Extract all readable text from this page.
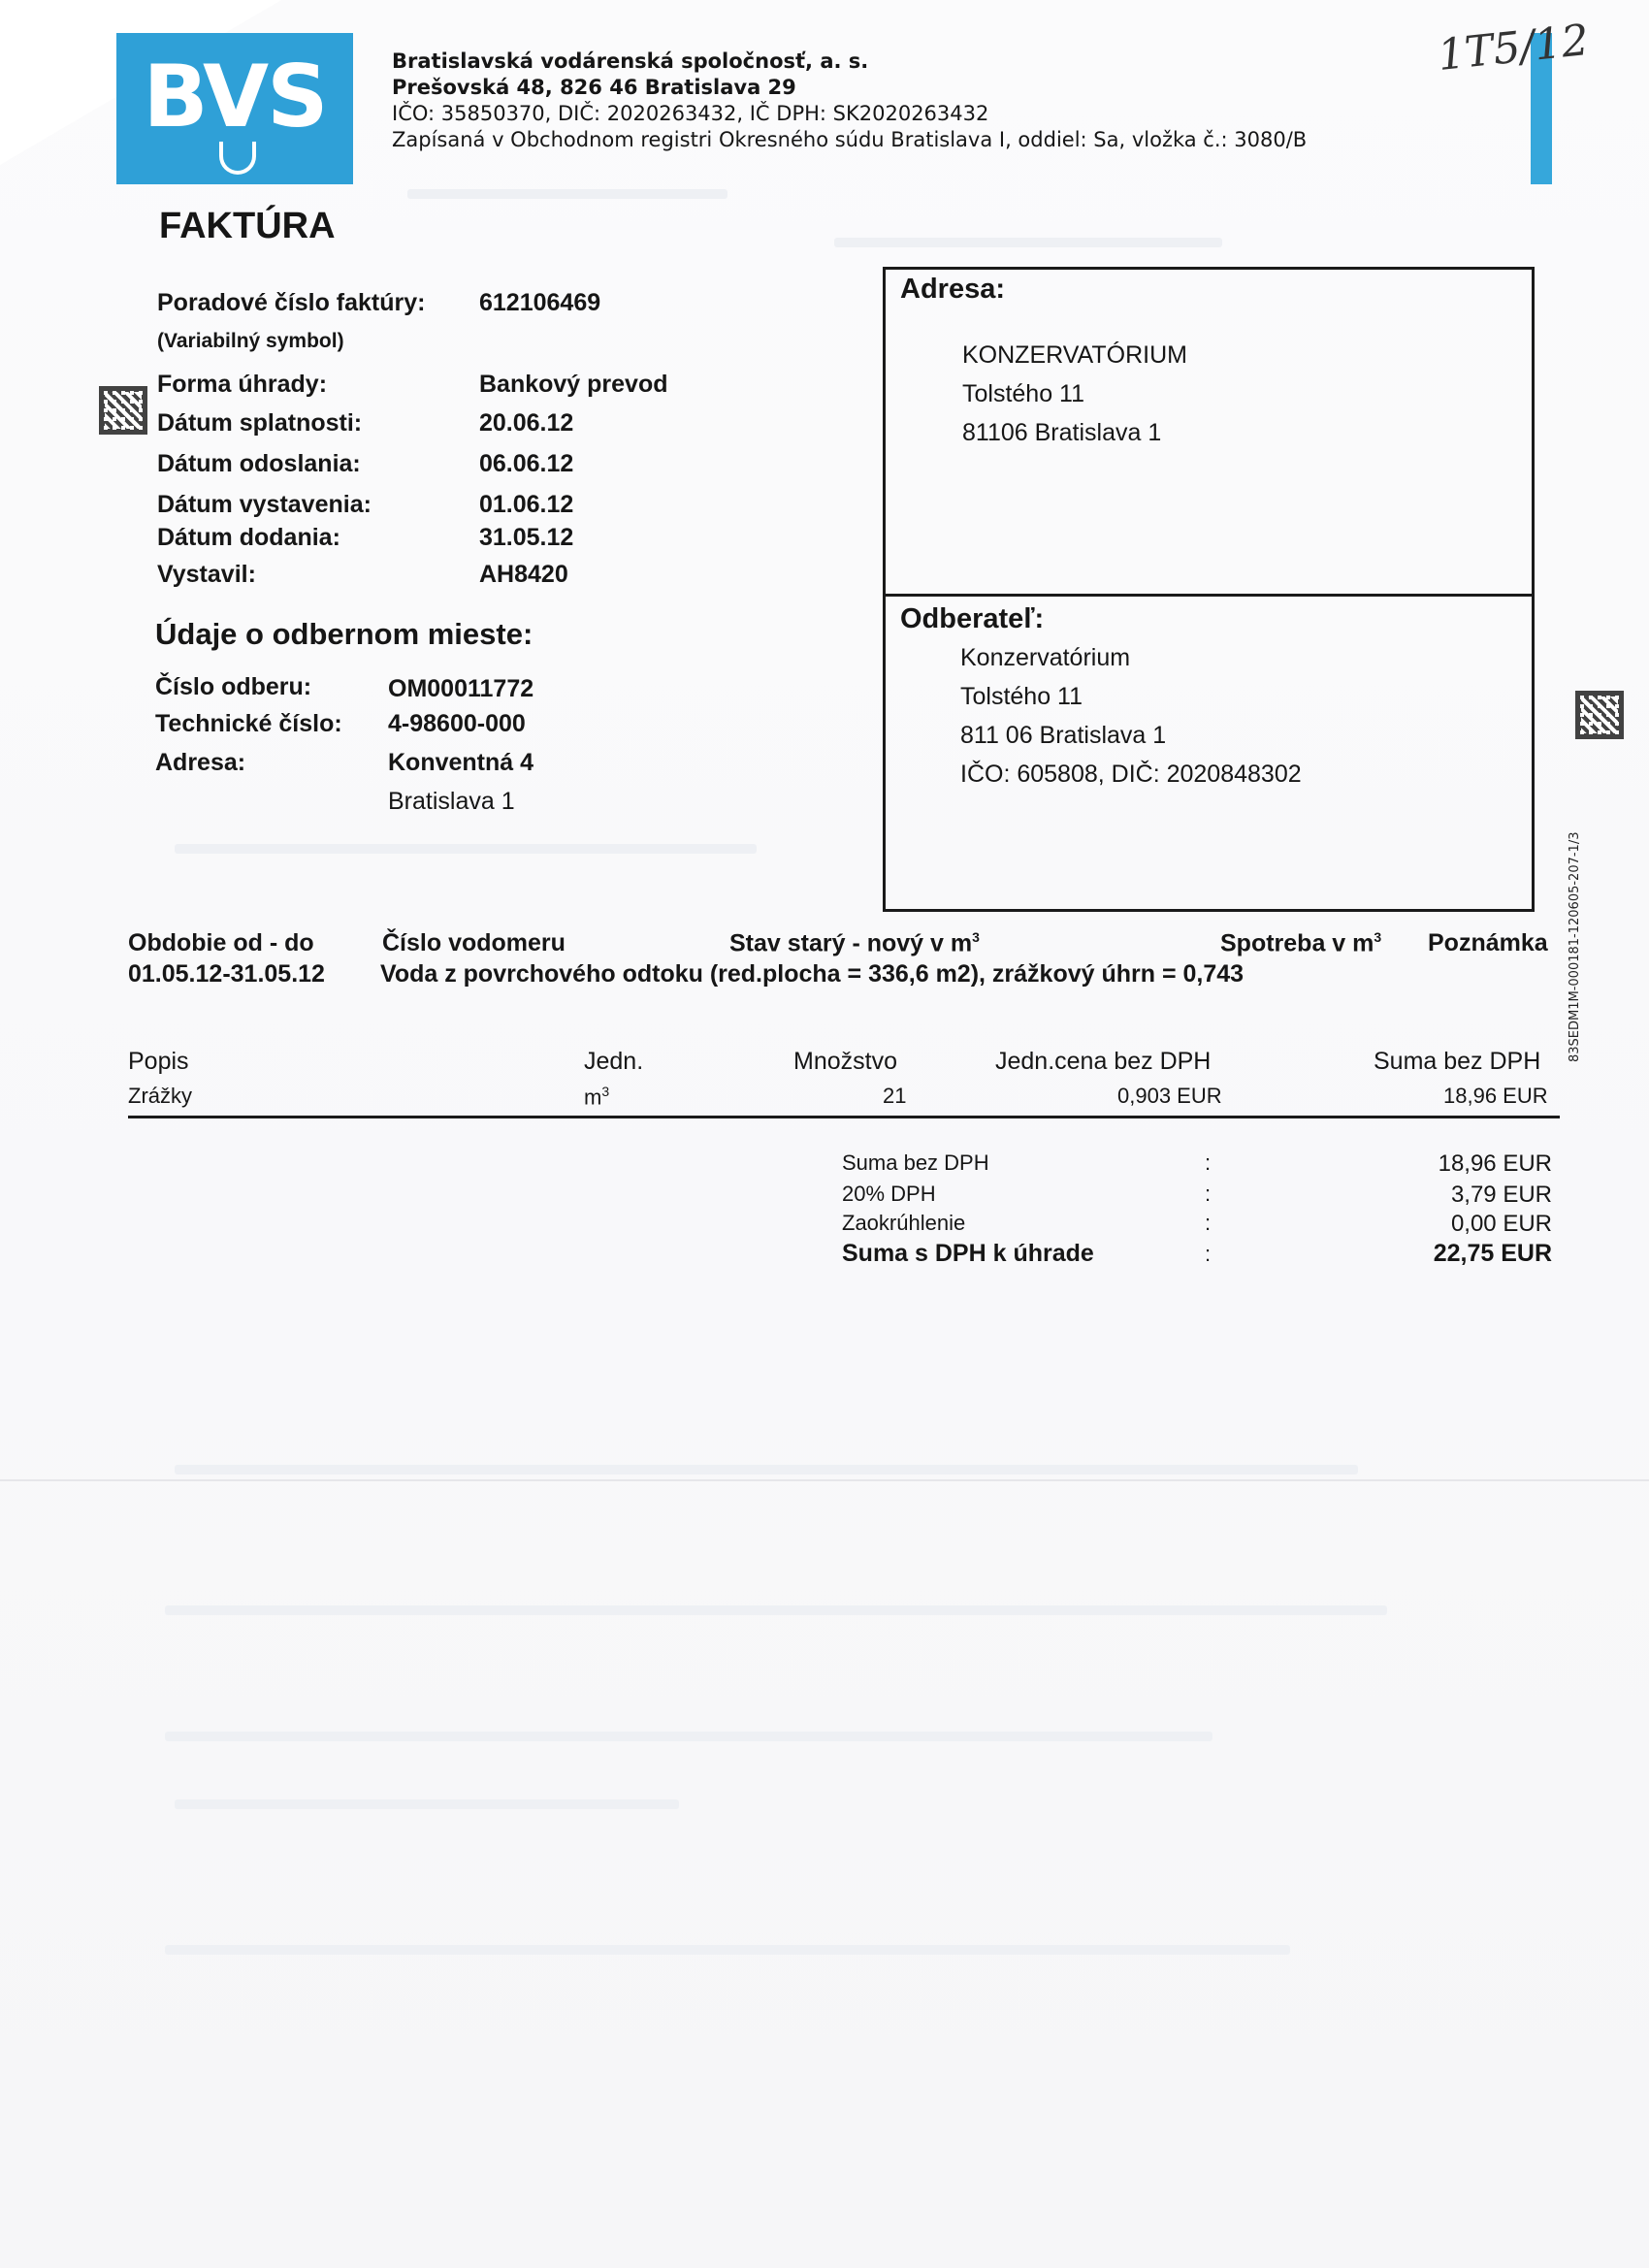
1T5/12
BVS	Bratislavská vodárenská spoločnosť, a. s.
Prešovská 48, 826 46 Bratislava 29
IČO: 35850370, DIČ: 2020263432, IČ DPH: SK2020263432
Zapísaná v Obchodnom registri Okresného súdu Bratislava I, oddiel: Sa, vložka č.: 3080/B
FAKTÚRA
Poradové číslo faktúry: 612106469
(Variabilný symbol)
Forma úhrady:	Bankový prevod
Dátum splatnosti:	20.06.12
Dátum odoslania:	06.06.12
Dátum vystavenia:	01.06.12
Dátum dodania:	31.05.12
Vystavil:	AH8420
Údaje o odbernom mieste:
Číslo odberu:	OM00011772
Technické číslo: 4-98600-000
Adresa:	Konventná 4
Bratislava 1
Adresa:
KONZERVATÓRIUM
Tolstého 11
81106 Bratislava 1
Odberateľ:
Konzervatórium
Tolstého 11
811 06 Bratislava 1
IČO: 605808, DIČ: 2020848302
Obdobie od - do	Číslo vodomeru	Stav starý - nový v $m^3$	Spotreba v $m^3$ Poznámka
01.05.12-31.05.12 Voda z povrchového odtoku (red.plocha = 336,6 m2), zrážkový úhrn = 0,743
Popis	Jedn.	Množstvo	Jedn.cena bez DPH	Suma bez DPH
Zrážky	$m^3$	21	0,903 EUR	18,96 EUR
Suma bez DPH	:	18,96 EUR
20% DPH	:	3,79 EUR
Zaokrúhlenie	:	0,00 EUR
Suma s DPH k úhrade	:	22,75 EUR
83SEDM1M-000181-120605-207-1/3
